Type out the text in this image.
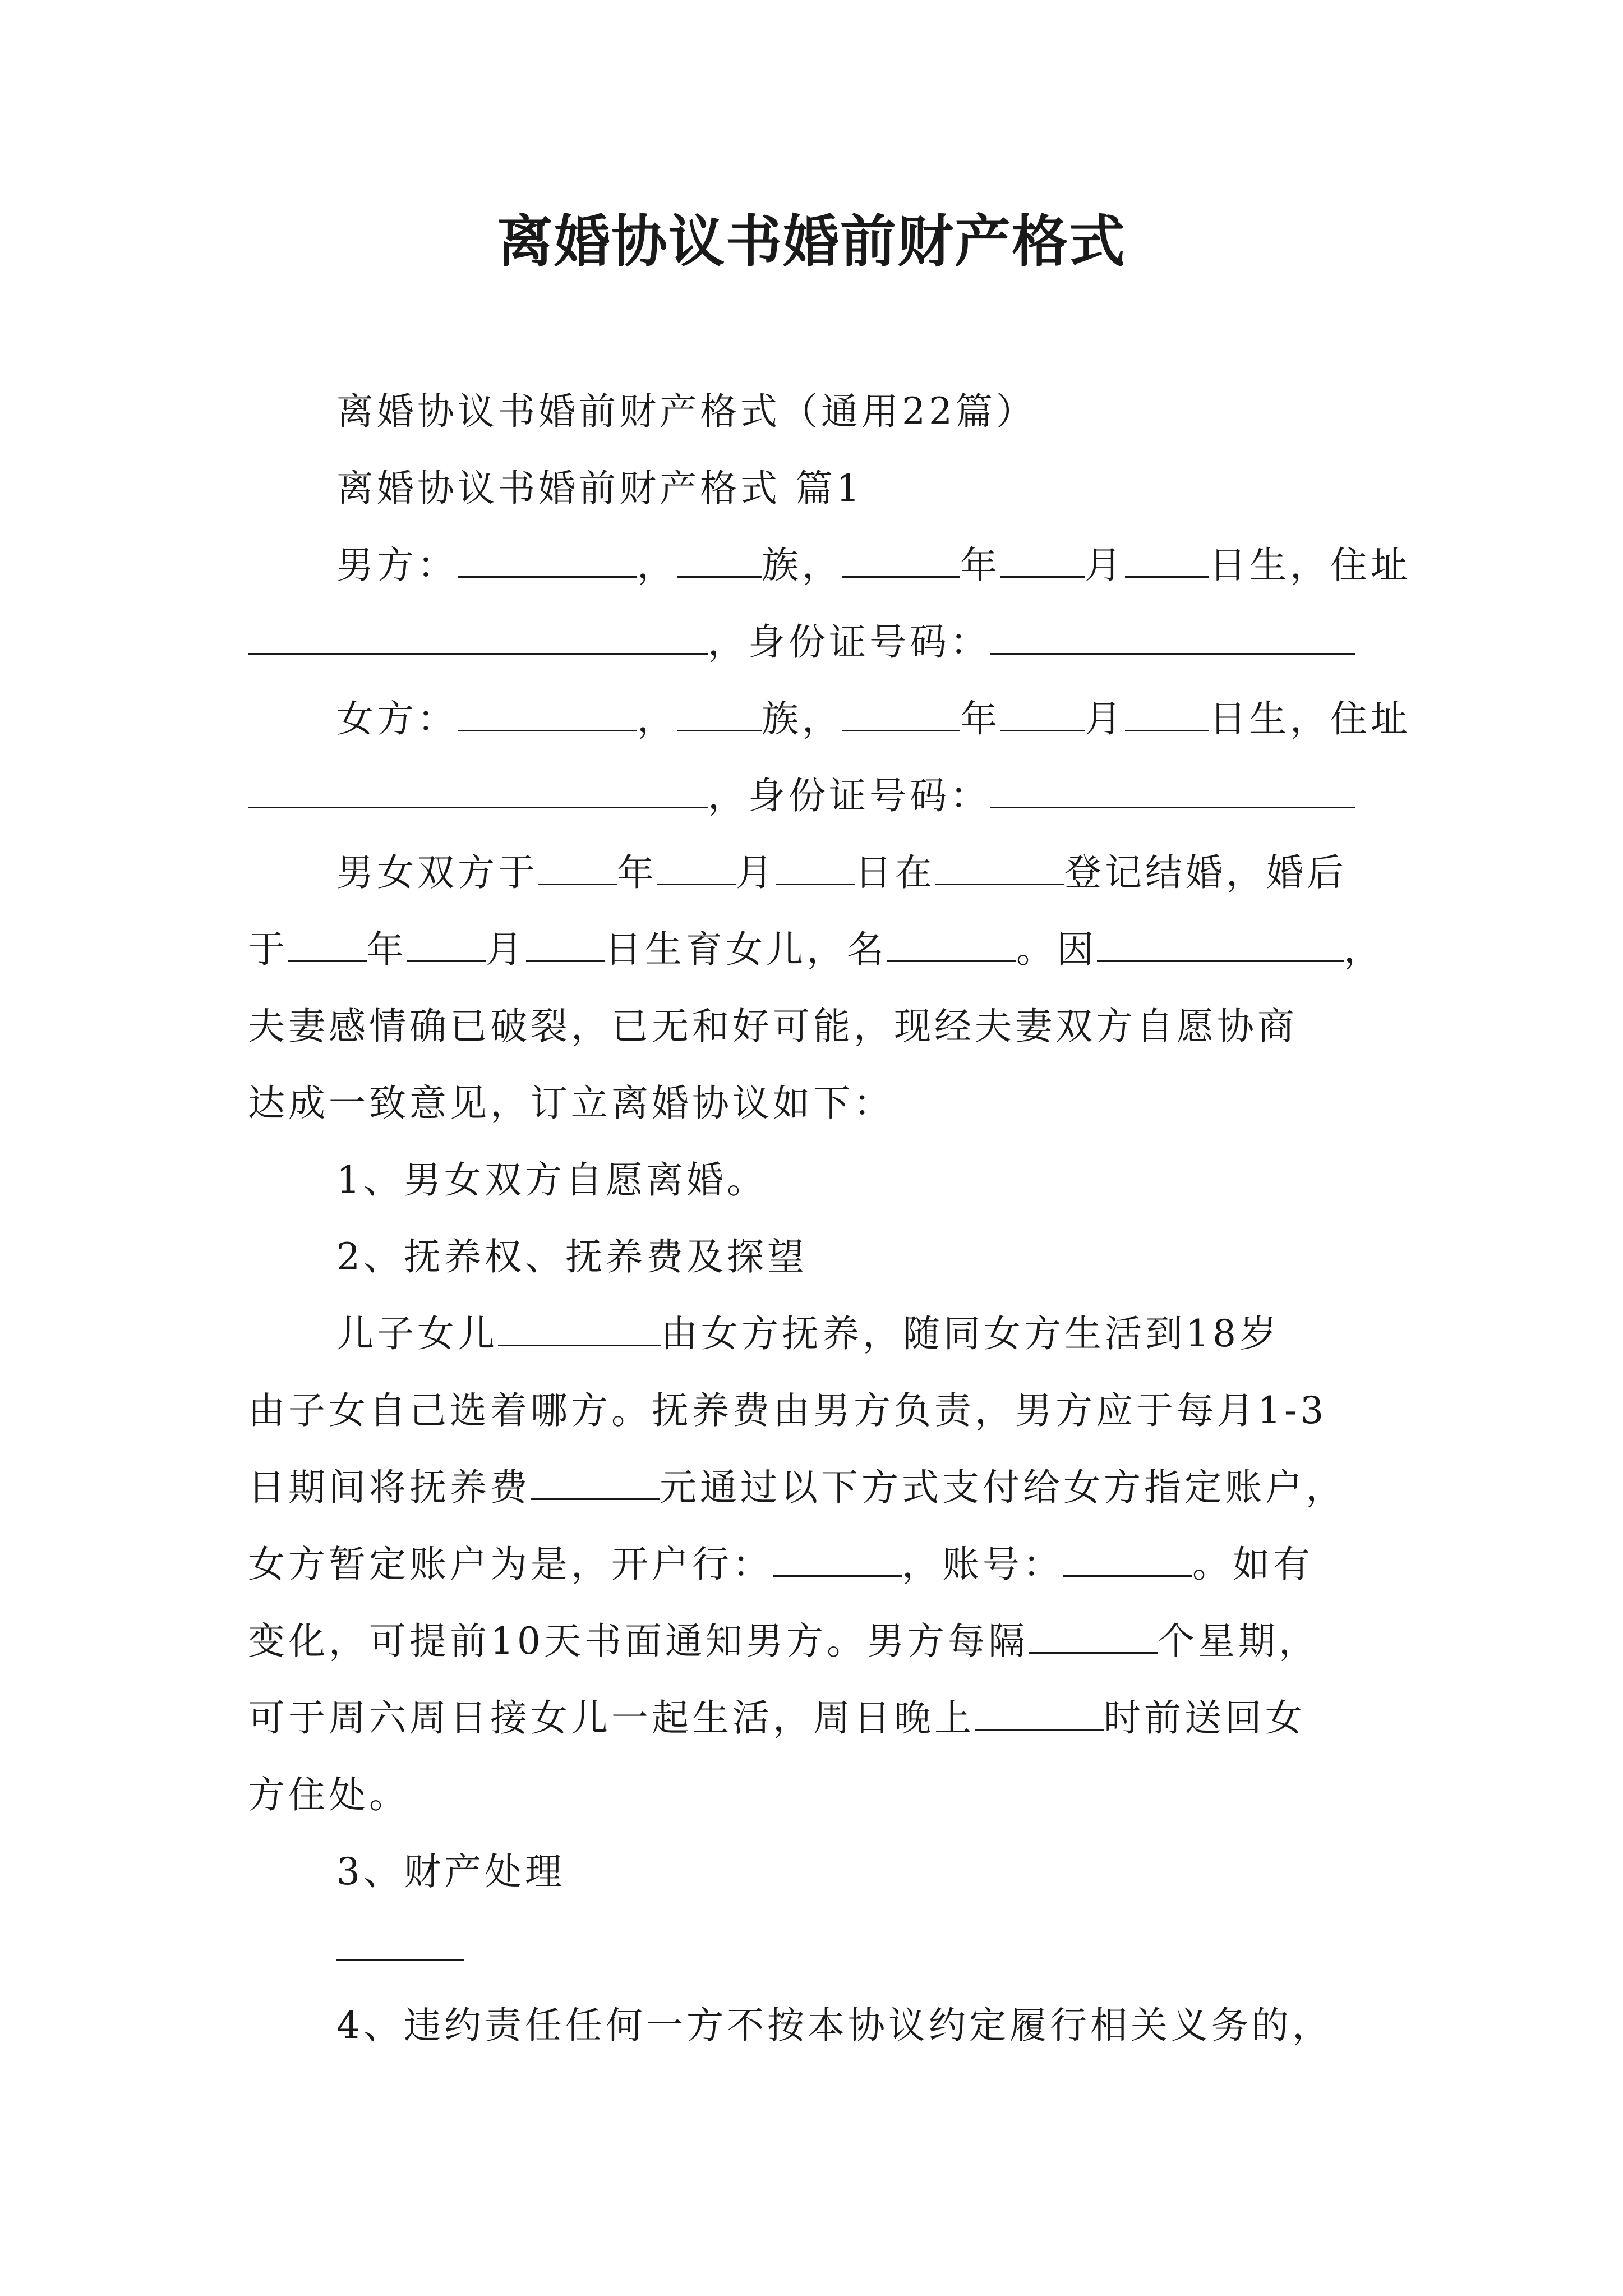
离婚协议书婚前财产格式

离婚协议书婚前财产格式（通用22篇）

离婚协议书婚前财产格式 篇1

男方：	， 族，	年 月 日生，住址

，身份证号码：

女方：	， 族，	年 月 日生，住址

，身份证号码：

男女双方于 年 月 日在	登记结婚，婚后

于 年 月 日生育女儿，名	。因	，

夫妻感情确已破裂，已无和好可能，现经夫妻双方自愿协商

达成一致意见，订立离婚协议如下：

1、男女双方自愿离婚。

2、抚养权、抚养费及探望

儿子女儿	由女方抚养，随同女方生活到18岁

由子女自己选着哪方。抚养费由男方负责，男方应于每月1-3

日期间将抚养费	元通过以下方式支付给女方指定账户，

女方暂定账户为是，开户行：	，账号：	。如有

变化，可提前10天书面通知男方。男方每隔	个星期，

可于周六周日接女儿一起生活，周日晚上	时前送回女

方住处。

3、财产处理

4、违约责任任何一方不按本协议约定履行相关义务的，
